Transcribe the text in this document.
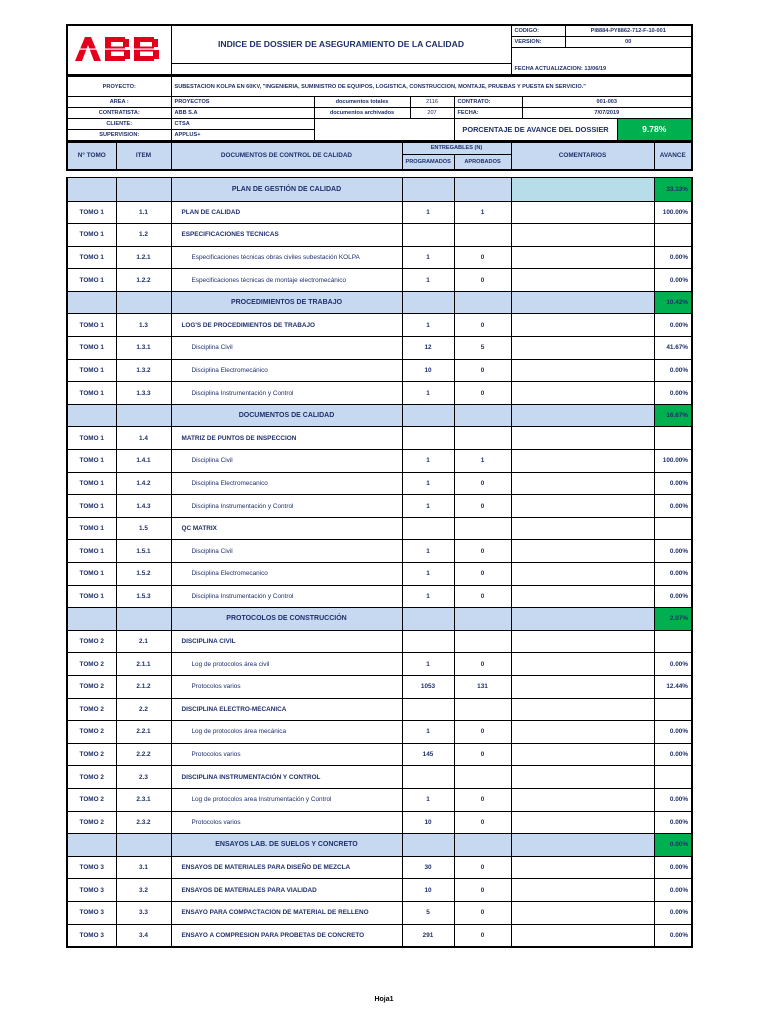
	INDICE DE DOSSIER DE ASEGURAMIENTO DE LA CALIDAD	CODIGO:	PI8884-PY8862-712-F-10-001
		VERSION:	00

		FECHA ACTUALIZACION: 13/06/19	
PROYECTO:	SUBESTACION KOLPA EN 60KV, "INGENIERIA, SUMINISTRO DE EQUIPOS, LOGISTICA, CONSTRUCCION, MONTAJE, PRUEBAS Y PUESTA EN SERVICIO."					
AREA :	PROYECTOS	documentos totales	2116	CONTRATO:	001-003	
CONTRATISTA:	ABB S.A	documentos archivados	207	FECHA:	7/07/2019	
CLIENTE:	CTSA			PORCENTAJE DE AVANCE DEL DOSSIER		9.78%
SUPERVISION:	APPLUS+					
N° TOMO	ITEM	DOCUMENTOS DE CONTROL DE CALIDAD	ENTREGABLES (N)		COMENTARIOS	AVANCE
			PROGRAMADOS	APROBADOS		
		PLAN DE GESTIÓN DE CALIDAD				33.33%
TOMO 1	1.1	PLAN DE CALIDAD	1	1		100.00%
TOMO 1	1.2	ESPECIFICACIONES TECNICAS				
TOMO 1	1.2.1	Especificaciones técnicas obras civiles subestación KOLPA	1	0		0.00%
TOMO 1	1.2.2	Especificaciones técnicas de montaje electromecánico	1	0		0.00%
		PROCEDIMIENTOS DE TRABAJO				10.42%
TOMO 1	1.3	LOG'S DE PROCEDIMIENTOS DE TRABAJO	1	0		0.00%
TOMO 1	1.3.1	Disciplina Civil	12	5		41.67%
TOMO 1	1.3.2	Disciplina Electromecánico	10	0		0.00%
TOMO 1	1.3.3	Disciplina Instrumentación y Control	1	0		0.00%
		DOCUMENTOS DE CALIDAD				16.67%
TOMO 1	1.4	MATRIZ DE PUNTOS DE INSPECCION				
TOMO 1	1.4.1	Disciplina Civil	1	1		100.00%
TOMO 1	1.4.2	Disciplina Electromecanico	1	0		0.00%
TOMO 1	1.4.3	Disciplina Instrumentación y Control	1	0		0.00%
TOMO 1	1.5	QC MATRIX				
TOMO 1	1.5.1	Disciplina Civil	1	0		0.00%
TOMO 1	1.5.2	Disciplina Electromecanico	1	0		0.00%
TOMO 1	1.5.3	Disciplina Instrumentación y Control	1	0		0.00%
		PROTOCOLOS DE CONSTRUCCIÓN				2.07%
TOMO 2	2.1	DISCIPLINA CIVIL				
TOMO 2	2.1.1	Log de protocolos área civil	1	0		0.00%
TOMO 2	2.1.2	Protocolos varios	1053	131		12.44%
TOMO 2	2.2	DISCIPLINA ELECTRO-MECANICA				
TOMO 2	2.2.1	Log de protocolos área mecánica	1	0		0.00%
TOMO 2	2.2.2	Protocolos varios	145	0		0.00%
TOMO 2	2.3	DISCIPLINA INSTRUMENTACIÓN Y CONTROL				
TOMO 2	2.3.1	Log de protocolos area Instrumentación y Control	1	0		0.00%
TOMO 2	2.3.2	Protocolos varios	10	0		0.00%
		ENSAYOS LAB. DE SUELOS Y CONCRETO				0.00%
TOMO 3	3.1	ENSAYOS DE MATERIALES PARA DISEÑO DE MEZCLA	30	0		0.00%
TOMO 3	3.2	ENSAYOS DE MATERIALES PARA VIALIDAD	10	0		0.00%
TOMO 3	3.3	ENSAYO PARA COMPACTACION DE MATERIAL DE RELLENO	5	0		0.00%
TOMO 3	3.4	ENSAYO A COMPRESION PARA PROBETAS DE CONCRETO	291	0		0.00%
Hoja1
